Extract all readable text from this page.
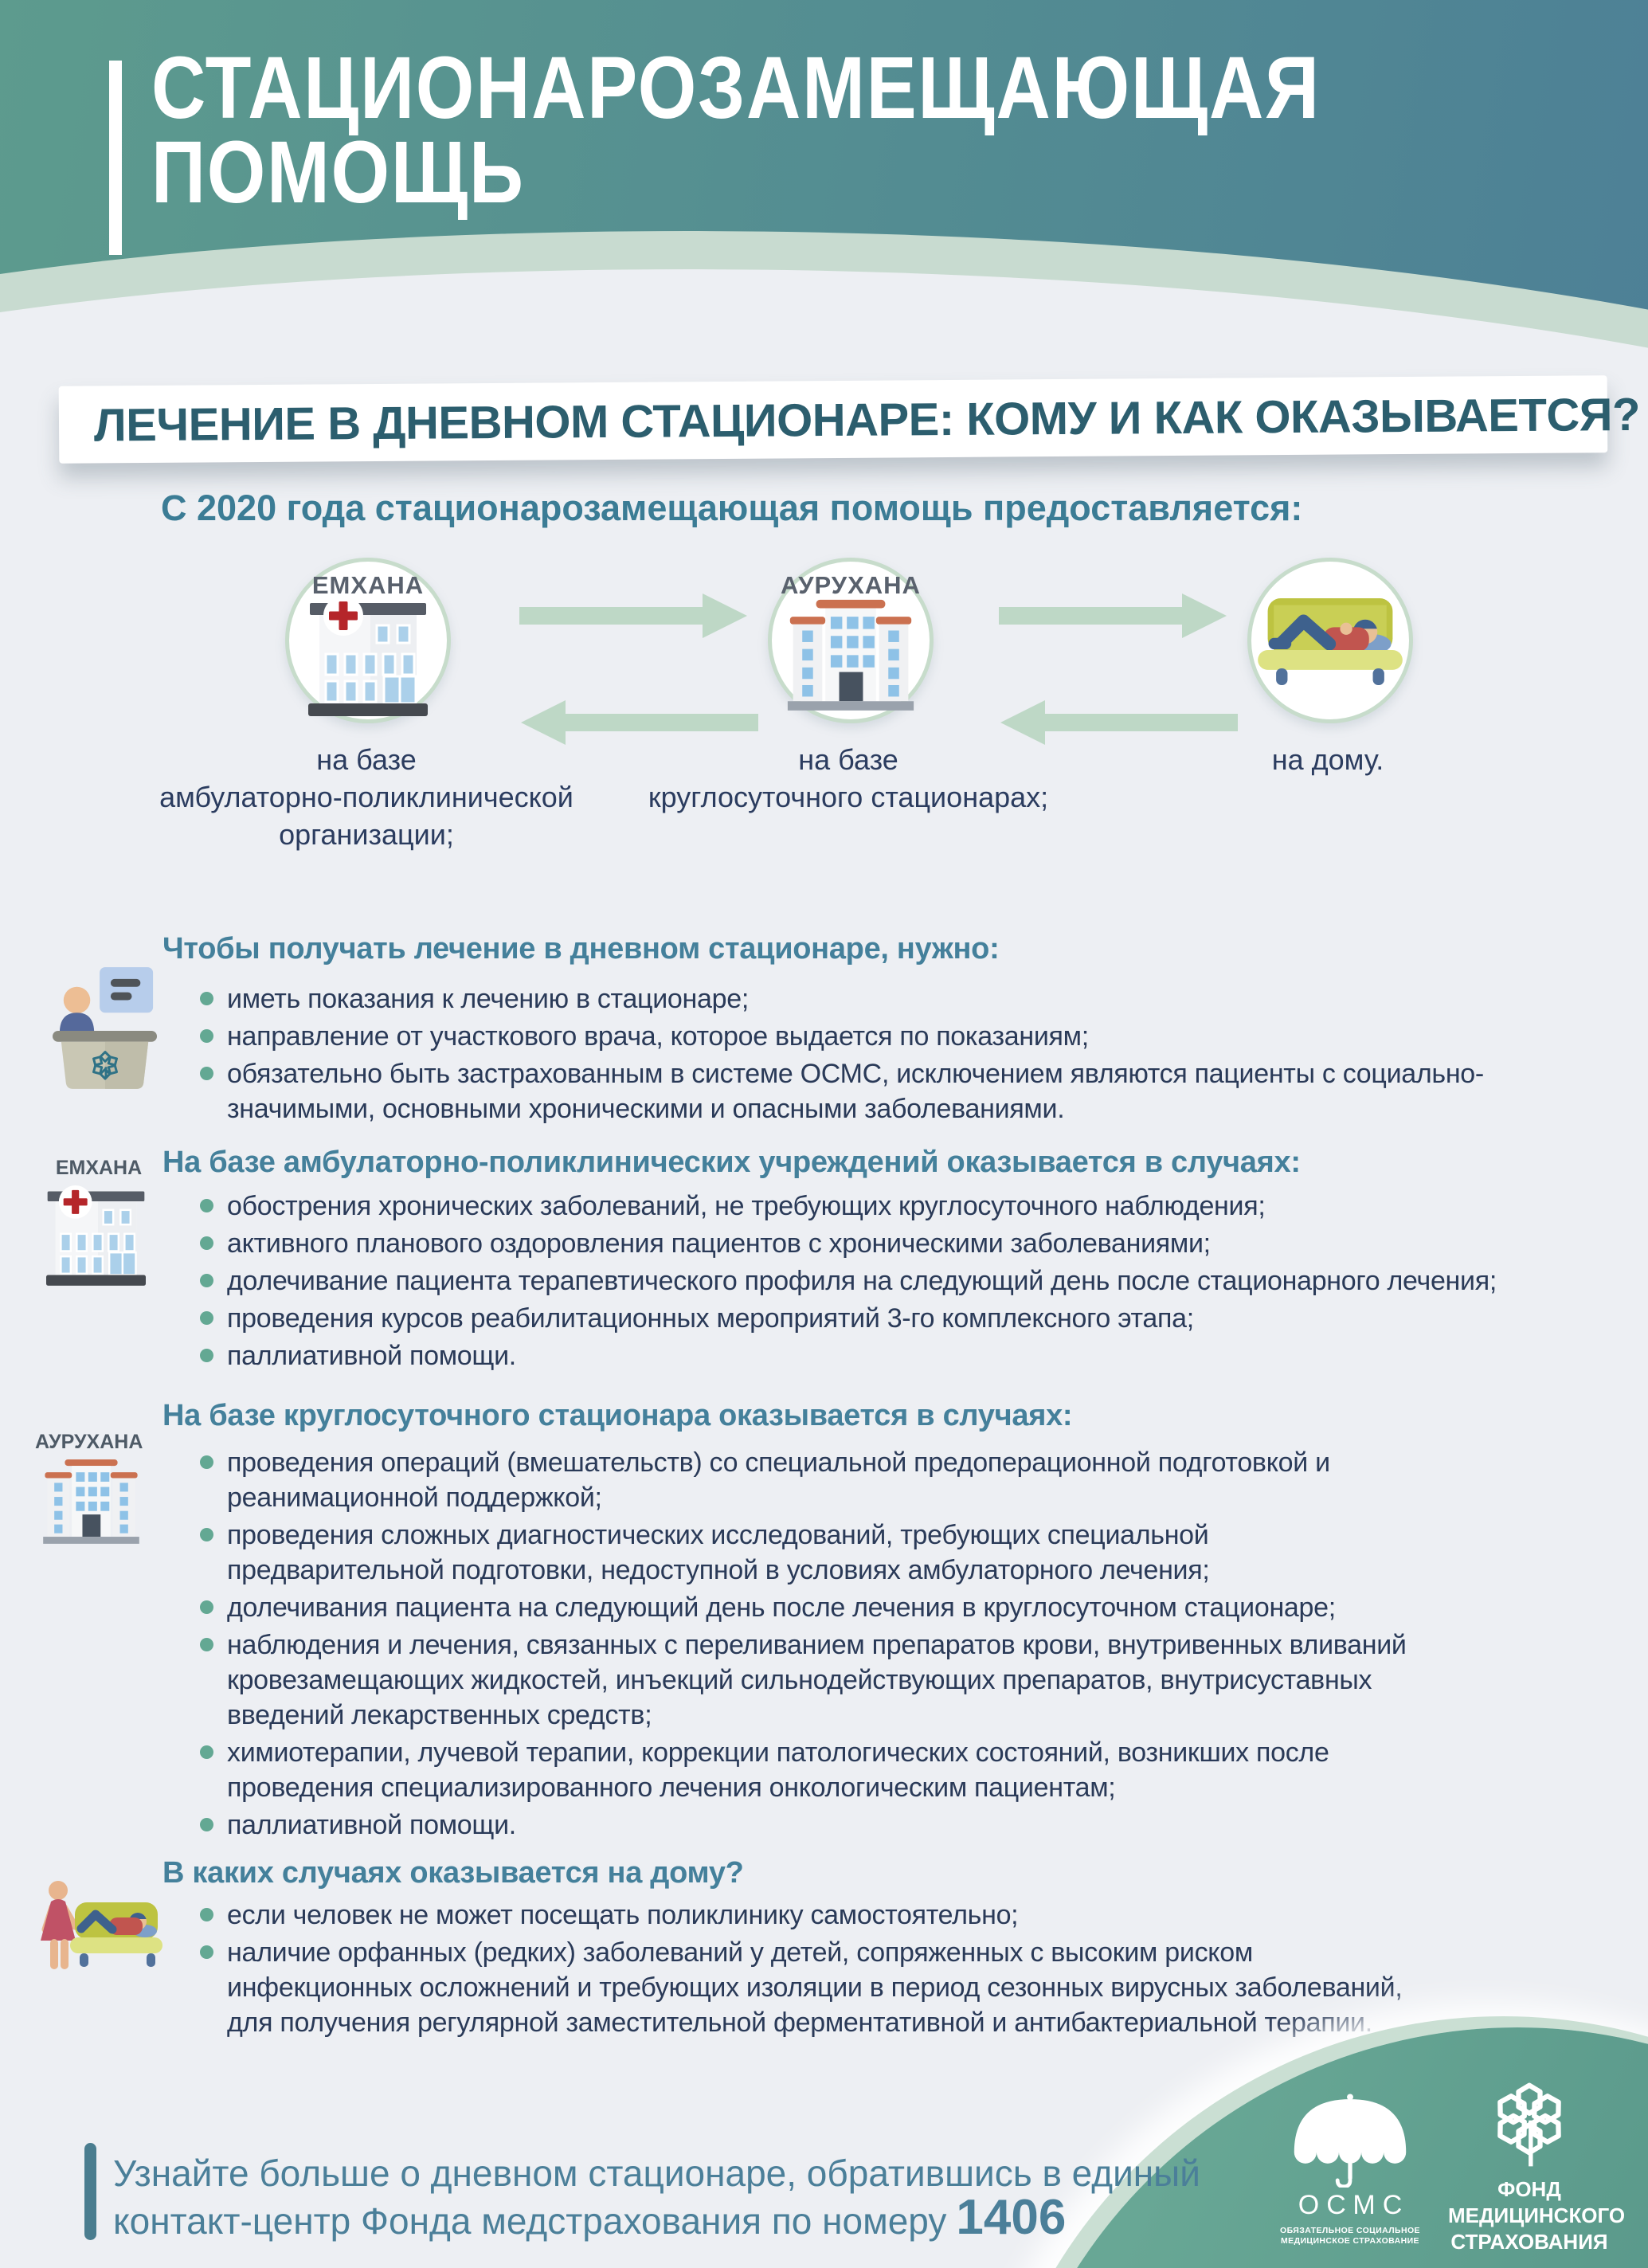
СТАЦИОНАРОЗАМЕЩАЮЩАЯ
ПОМОЩЬ
ЛЕЧЕНИЕ В ДНЕВНОМ СТАЦИОНАРЕ: КОМУ И КАК ОКАЗЫВАЕТСЯ?
С 2020 года стационарозамещающая помощь предоставляется:
ЕМХАНА	АУРУХАНА
на базе
амбулаторно-поликлинической
организации;
на базе
круглосуточного стационарах;
на дому.
Чтобы получать лечение в дневном стационаре, нужно:
иметь показания к лечению в стационаре;
направление от участкового врача, которое выдается по показаниям;
обязательно быть застрахованным в системе ОСМС, исключением являются пациенты с социально-значимыми, основными хроническими и опасными заболеваниями.
На базе амбулаторно-поликлинических учреждений оказывается в случаях:
ЕМХАНА
обострения хронических заболеваний, не требующих круглосуточного наблюдения;
активного планового оздоровления пациентов с хроническими заболеваниями;
долечивание пациента терапевтического профиля на следующий день после стационарного лечения;
проведения курсов реабилитационных мероприятий 3-го комплексного этапа;
паллиативной помощи.
На базе круглосуточного стационара оказывается в случаях:
АУРУХАНА
проведения операций (вмешательств) со специальной предоперационной подготовкой и реанимационной поддержкой;
проведения сложных диагностических исследований, требующих специальной предварительной подготовки, недоступной в условиях амбулаторного лечения;
долечивания пациента на следующий день после лечения в круглосуточном стационаре;
наблюдения и лечения, связанных с переливанием препаратов крови, внутривенных вливаний кровезамещающих жидкостей, инъекций сильнодействующих препаратов, внутрисуставных введений лекарственных средств;
химиотерапии, лучевой терапии, коррекции патологических состояний, возникших после проведения специализированного лечения онкологическим пациентам;
паллиативной помощи.
В каких случаях оказывается на дому?
если человек не может посещать поликлинику самостоятельно;
наличие орфанных (редких) заболеваний у детей, сопряженных с высоким риском инфекционных осложнений и требующих изоляции в период сезонных вирусных заболеваний, для получения регулярной заместительной ферментативной и антибактериальной терапии.
Узнайте больше о дневном стационаре, обратившись в единый
контакт-центр Фонда медстрахования по номеру 1406	ОСМС
ОБЯЗАТЕЛЬНОЕ СОЦИАЛЬНОЕ
МЕДИЦИНСКОЕ СТРАХОВАНИЕ
ФОНД
МЕДИЦИНСКОГО
СТРАХОВАНИЯ
